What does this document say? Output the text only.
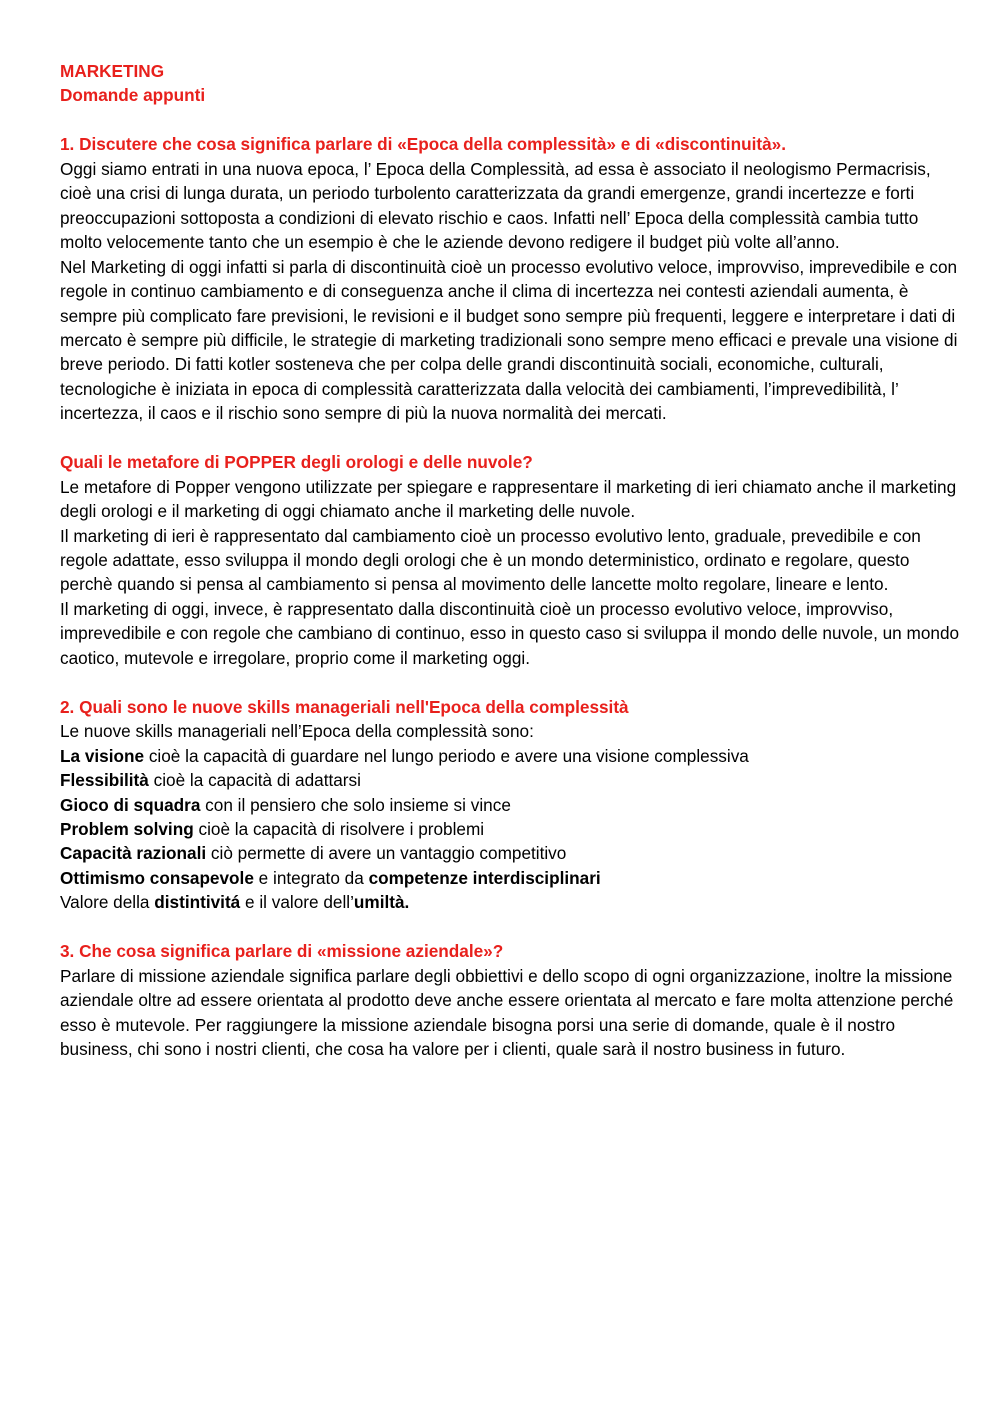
MARKETING

Domande appunti

1. Discutere che cosa significa parlare di «Epoca della complessità» e di «discontinuità».

Oggi siamo entrati in una nuova epoca, l’ Epoca della Complessità, ad essa è associato il neologismo Permacrisis, cioè una crisi di lunga durata, un periodo turbolento caratterizzata da grandi emergenze, grandi incertezze e forti preoccupazioni sottoposta a condizioni di elevato rischio e caos. Infatti nell’ Epoca della complessità cambia tutto molto velocemente tanto che un esempio è che le aziende devono redigere il budget più volte all’anno.

Nel Marketing di oggi infatti si parla di discontinuità cioè un processo evolutivo veloce, improvviso, imprevedibile e con regole in continuo cambiamento e di conseguenza anche il clima di incertezza nei contesti aziendali aumenta, è sempre più complicato fare previsioni, le revisioni e il budget sono sempre più frequenti, leggere e interpretare i dati di mercato è sempre più difficile, le strategie di marketing tradizionali sono sempre meno efficaci e prevale una visione di breve periodo. Di fatti kotler sosteneva che per colpa delle grandi discontinuità sociali, economiche, culturali, tecnologiche è iniziata in epoca di complessità caratterizzata dalla velocità dei cambiamenti, l’imprevedibilità, l’ incertezza, il caos e il rischio sono sempre di più la nuova normalità dei mercati.

Quali le metafore di POPPER degli orologi e delle nuvole?

Le metafore di Popper vengono utilizzate per spiegare e rappresentare il marketing di ieri chiamato anche il marketing degli orologi e il marketing di oggi chiamato anche il marketing delle nuvole.

Il marketing di ieri è rappresentato dal cambiamento cioè un processo evolutivo lento, graduale, prevedibile e con regole adattate, esso sviluppa il mondo degli orologi che è un mondo deterministico, ordinato e regolare, questo perchè quando si pensa al cambiamento si pensa al movimento delle lancette molto regolare, lineare e lento.

Il marketing di oggi, invece, è rappresentato dalla discontinuità cioè un processo evolutivo veloce, improvviso, imprevedibile e con regole che cambiano di continuo, esso in questo caso si sviluppa il mondo delle nuvole, un mondo caotico, mutevole e irregolare, proprio come il marketing oggi.

2. Quali sono le nuove skills manageriali nell'Epoca della complessità

Le nuove skills manageriali nell’Epoca della complessità sono:

La visione cioè la capacità di guardare nel lungo periodo e avere una visione complessiva

Flessibilità cioè la capacità di adattarsi

Gioco di squadra con il pensiero che solo insieme si vince

Problem solving cioè la capacità di risolvere i problemi

Capacità razionali ciò permette di avere un vantaggio competitivo

Ottimismo consapevole e integrato da competenze interdisciplinari

Valore della distintivitá e il valore dell’umiltà.

3. Che cosa significa parlare di «missione aziendale»?

Parlare di missione aziendale significa parlare degli obbiettivi e dello scopo di ogni organizzazione, inoltre la missione aziendale oltre ad essere orientata al prodotto deve anche essere orientata al mercato e fare molta attenzione perché esso è mutevole. Per raggiungere la missione aziendale bisogna porsi una serie di domande, quale è il nostro business, chi sono i nostri clienti, che cosa ha valore per i clienti, quale sarà il nostro business in futuro.
